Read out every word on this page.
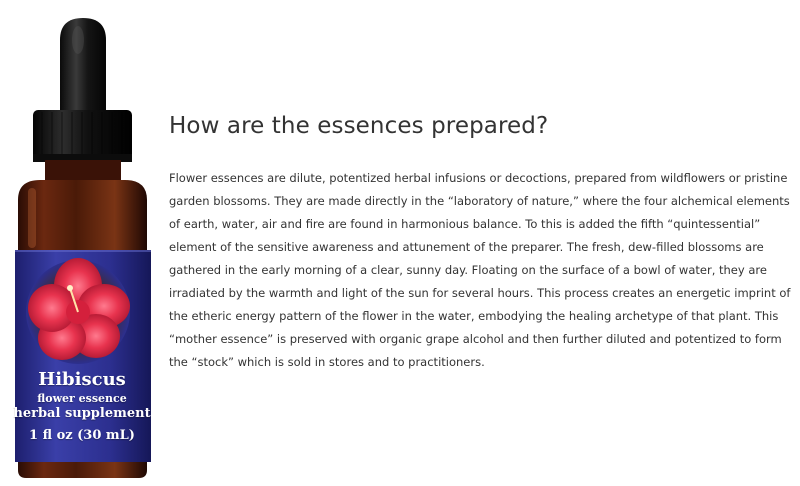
Hibiscus
flower essence
herbal supplement
1 fl oz (30 mL)
How are the essences prepared?

Flower essences are dilute, potentized herbal infusions or decoctions, prepared from wildflowers or pristine garden blossoms. They are made directly in the “laboratory of nature,” where the four alchemical elements of earth, water, air and fire are found in harmonious balance. To this is added the fifth “quintessential” element of the sensitive awareness and attunement of the preparer. The fresh, dew-filled blossoms are gathered in the early morning of a clear, sunny day. Floating on the surface of a bowl of water, they are irradiated by the warmth and light of the sun for several hours. This process creates an energetic imprint of the etheric energy pattern of the flower in the water, embodying the healing archetype of that plant. This “mother essence” is preserved with organic grape alcohol and then further diluted and potentized to form the “stock” which is sold in stores and to practitioners.
